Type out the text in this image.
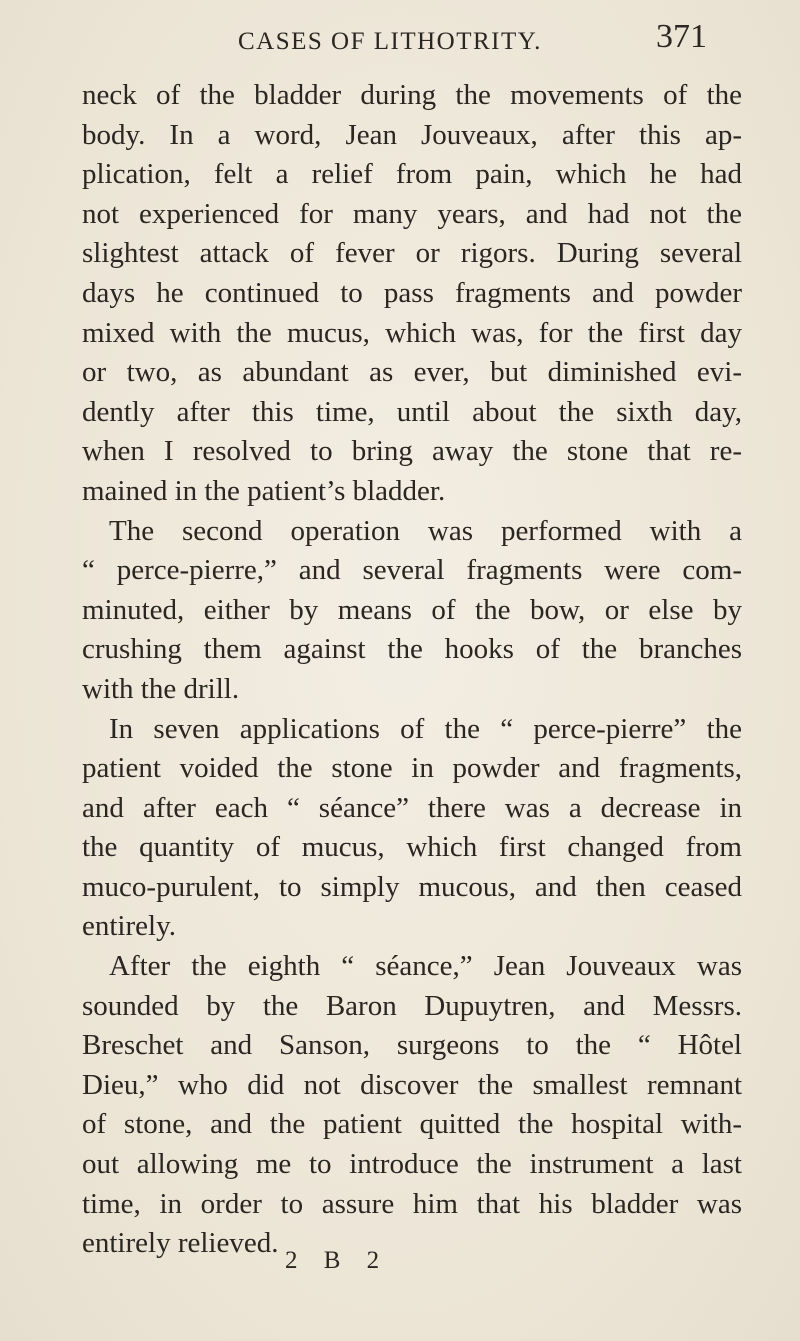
CASES OF LITHOTRITY.	371
neck of the bladder during the movements of the
body. In a word, Jean Jouveaux, after this ap-
plication, felt a relief from pain, which he had
not experienced for many years, and had not the
slightest attack of fever or rigors. During several
days he continued to pass fragments and powder
mixed with the mucus, which was, for the first day
or two, as abundant as ever, but diminished evi-
dently after this time, until about the sixth day,
when I resolved to bring away the stone that re-
mained in the patient’s bladder.
The second operation was performed with a
“ perce-pierre,” and several fragments were com-
minuted, either by means of the bow, or else by
crushing them against the hooks of the branches
with the drill.
In seven applications of the “ perce-pierre” the
patient voided the stone in powder and fragments,
and after each “ séance” there was a decrease in
the quantity of mucus, which first changed from
muco-purulent, to simply mucous, and then ceased
entirely.
After the eighth “ séance,” Jean Jouveaux was
sounded by the Baron Dupuytren, and Messrs.
Breschet and Sanson, surgeons to the “ Hôtel
Dieu,” who did not discover the smallest remnant
of stone, and the patient quitted the hospital with-
out allowing me to introduce the instrument a last
time, in order to assure him that his bladder was
entirely relieved.
2 B 2
